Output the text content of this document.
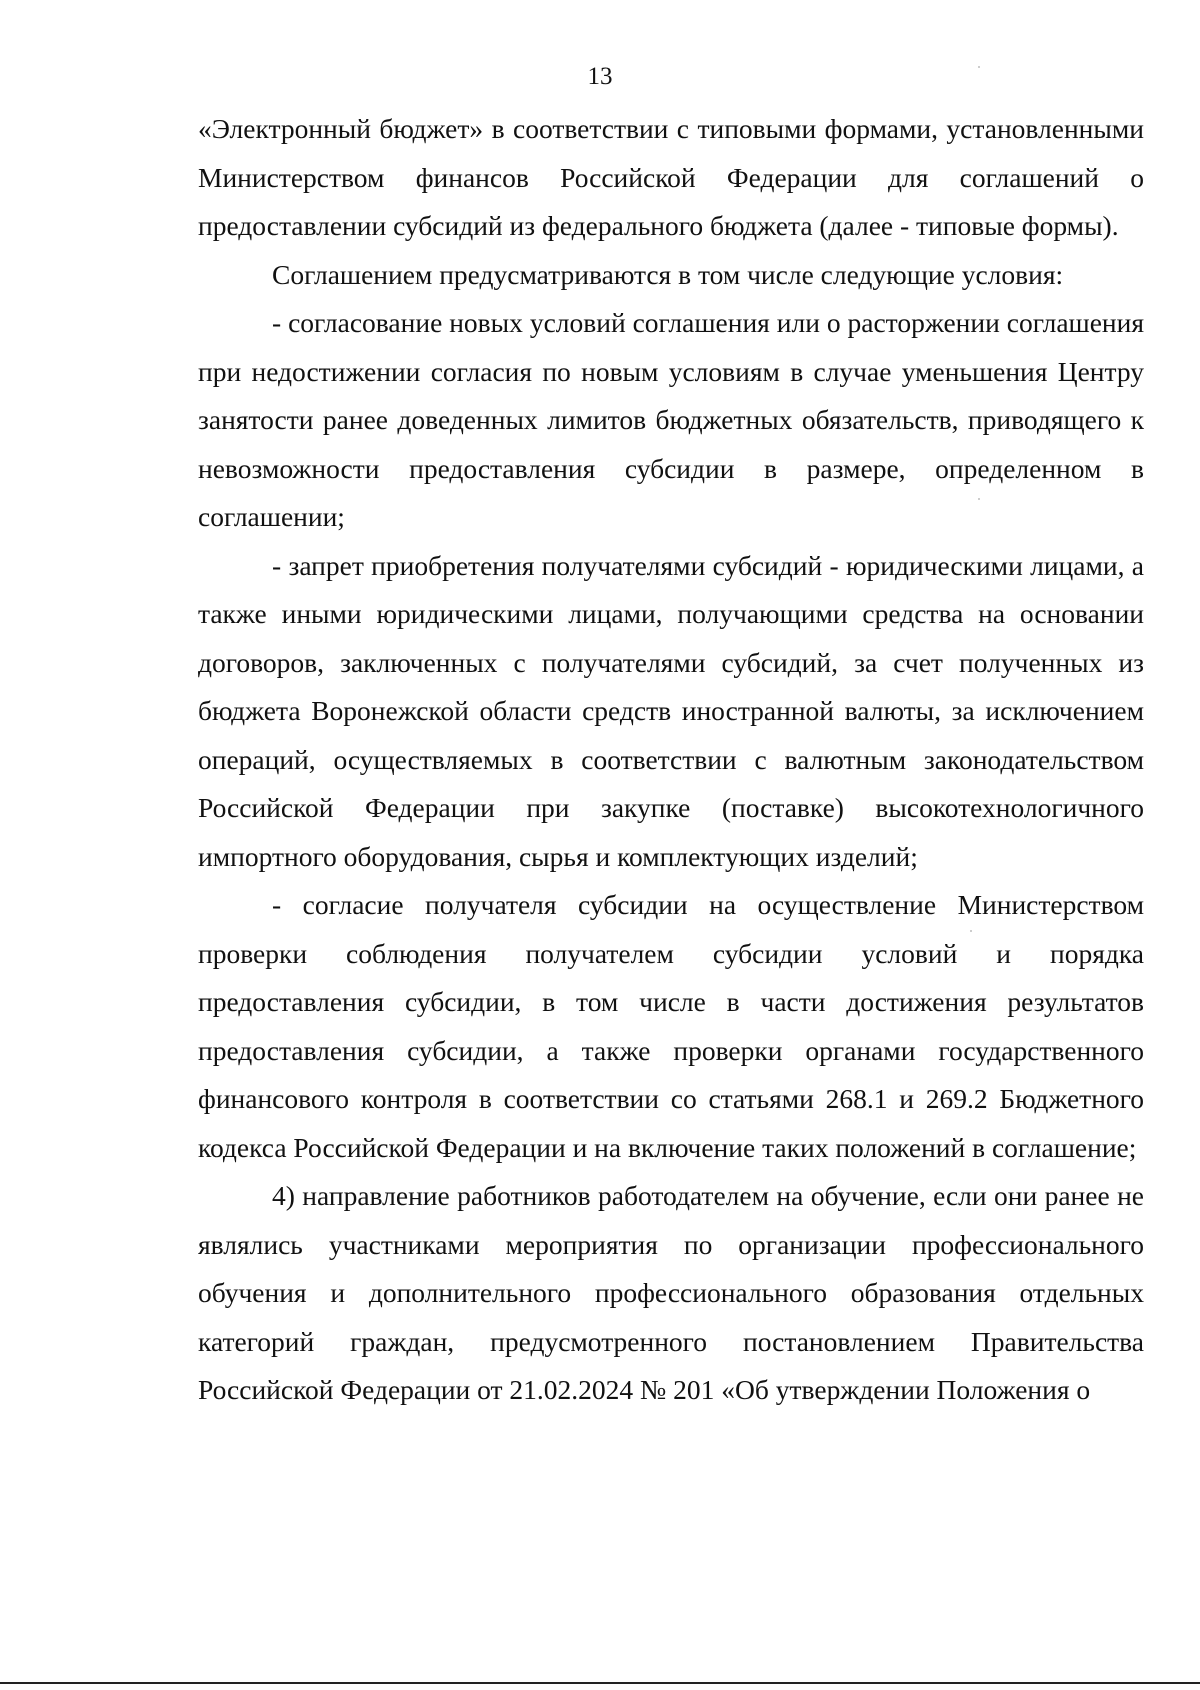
13

«Электронный бюджет» в соответствии с типовыми формами, установленными Министерством финансов Российской Федерации для соглашений о предоставлении субсидий из федерального бюджета (далее - типовые формы).

Соглашением предусматриваются в том числе следующие условия:

- согласование новых условий соглашения или о расторжении соглашения при недостижении согласия по новым условиям в случае уменьшения Центру занятости ранее доведенных лимитов бюджетных обязательств, приводящего к невозможности предоставления субсидии в размере, определенном в соглашении;

- запрет приобретения получателями субсидий - юридическими лицами, а также иными юридическими лицами, получающими средства на основании договоров, заключенных с получателями субсидий, за счет полученных из бюджета Воронежской области средств иностранной валюты, за исключением операций, осуществляемых в соответствии с валютным законодательством Российской Федерации при закупке (поставке) высокотехнологичного импортного оборудования, сырья и комплектующих изделий;

- согласие получателя субсидии на осуществление Министерством проверки соблюдения получателем субсидии условий и порядка предоставления субсидии, в том числе в части достижения результатов предоставления субсидии, а также проверки органами государственного финансового контроля в соответствии со статьями 268.1 и 269.2 Бюджетного кодекса Российской Федерации и на включение таких положений в соглашение;

4) направление работников работодателем на обучение, если они ранее не являлись участниками мероприятия по организации профессионального обучения и дополнительного профессионального образования отдельных категорий граждан, предусмотренного постановлением Правительства Российской Федерации от 21.02.2024 № 201 «Об утверждении Положения о
